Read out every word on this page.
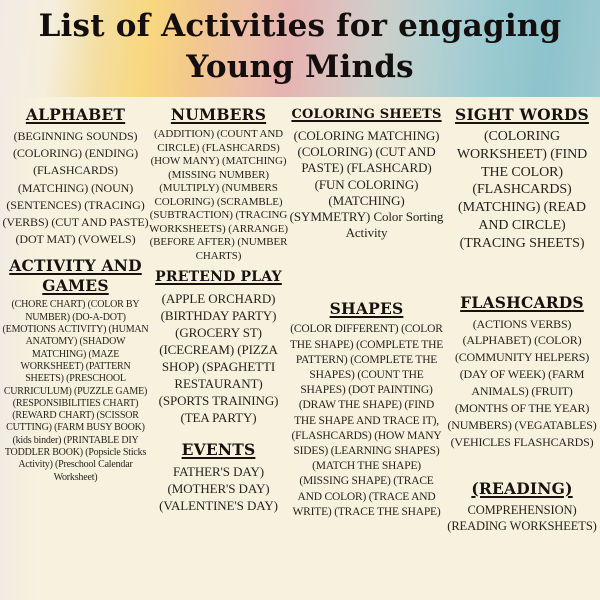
List of Activities for engaging
Young Minds
ALPHABET
(BEGINNING SOUNDS) (COLORING) (ENDING) (FLASHCARDS) (MATCHING) (NOUN) (SENTENCES) (TRACING) (VERBS) (CUT AND PASTE) (DOT MAT) (VOWELS)
ACTIVITY AND GAMES
(CHORE CHART) (COLOR BY NUMBER) (DO-A-DOT) (EMOTIONS ACTIVITY) (HUMAN ANATOMY) (SHADOW MATCHING) (MAZE WORKSHEET) (PATTERN SHEETS) (PRESCHOOL CURRICULUM) (PUZZLE GAME) (RESPONSIBILITIES CHART) (REWARD CHART) (SCISSOR CUTTING) (FARM BUSY BOOK) (kids binder) (PRINTABLE DIY TODDLER BOOK) (Popsicle Sticks Activity) (Preschool Calendar Worksheet)
NUMBERS
(ADDITION) (COUNT AND CIRCLE) (FLASHCARDS) (HOW MANY) (MATCHING) (MISSING NUMBER) (MULTIPLY) (NUMBERS COLORING) (SCRAMBLE) (SUBTRACTION) (TRACING WORKSHEETS) (ARRANGE) (BEFORE AFTER) (NUMBER CHARTS)
PRETEND PLAY
(APPLE ORCHARD) (BIRTHDAY PARTY) (GROCERY ST) (ICECREAM) (PIZZA SHOP) (SPAGHETTI RESTAURANT) (SPORTS TRAINING) (TEA PARTY)
EVENTS
FATHER'S DAY) (MOTHER'S DAY) (VALENTINE'S DAY)
COLORING SHEETS
(COLORING MATCHING) (COLORING) (CUT AND PASTE) (FLASHCARD) (FUN COLORING) (MATCHING) (SYMMETRY) Color Sorting Activity
SHAPES
(COLOR DIFFERENT) (COLOR THE SHAPE) (COMPLETE THE PATTERN) (COMPLETE THE SHAPES) (COUNT THE SHAPES) (DOT PAINTING) (DRAW THE SHAPE) (FIND THE SHAPE AND TRACE IT), (FLASHCARDS) (HOW MANY SIDES) (LEARNING SHAPES) (MATCH THE SHAPE) (MISSING SHAPE) (TRACE AND COLOR) (TRACE AND WRITE) (TRACE THE SHAPE)
SIGHT WORDS
(COLORING WORKSHEET) (FIND THE COLOR) (FLASHCARDS) (MATCHING) (READ AND CIRCLE) (TRACING SHEETS)
FLASHCARDS
(ACTIONS VERBS) (ALPHABET) (COLOR) (COMMUNITY HELPERS) (DAY OF WEEK) (FARM ANIMALS) (FRUIT) (MONTHS OF THE YEAR) (NUMBERS) (VEGATABLES) (VEHICLES FLASHCARDS)
(READING)
COMPREHENSION) (READING WORKSHEETS)
